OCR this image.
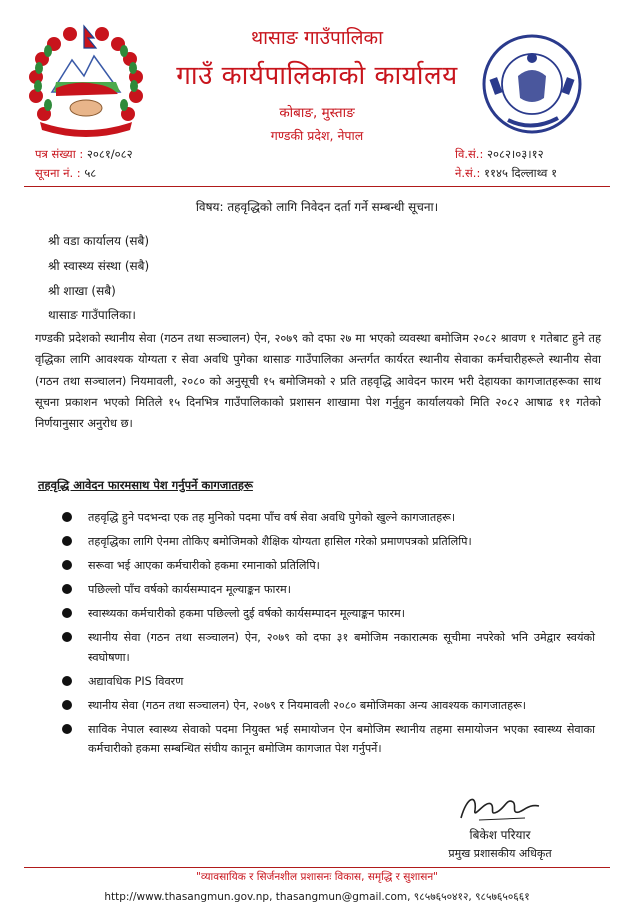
थासाङ गाउँपालिका
गाउँ कार्यपालिकाको कार्यालय
कोबाङ, मुस्ताङ
गण्डकी प्रदेश, नेपाल
पत्र संख्या : २०८१/०८२
सूचना नं. : ५८
वि.सं.: २०८२।०३।१२
ने.सं.: ११४५ दिल्लाथ्व १
विषय: तहवृद्धिको लागि निवेदन दर्ता गर्ने सम्बन्धी सूचना।
श्री वडा कार्यालय (सबै)
श्री स्वास्थ्य संस्था (सबै)
श्री शाखा (सबै)
थासाङ गाउँपालिका।
गण्डकी प्रदेशको स्थानीय सेवा (गठन तथा सञ्चालन) ऐन, २०७९ को दफा २७ मा भएको व्यवस्था बमोजिम २०८२ श्रावण १ गतेबाट हुने तह वृद्धिका लागि आवश्यक योग्यता र सेवा अवधि पुगेका थासाङ गाउँपालिका अन्तर्गत कार्यरत स्थानीय सेवाका कर्मचारीहरूले स्थानीय सेवा (गठन तथा सञ्चालन) नियमावली, २०८० को अनुसूची १५ बमोजिमको २ प्रति तहवृद्धि आवेदन फारम भरी देहायका कागजातहरूका साथ सूचना प्रकाशन भएको मितिले १५ दिनभित्र गाउँपालिकाको प्रशासन शाखामा पेश गर्नुहुन कार्यालयको मिति २०८२ आषाढ ११ गतेको निर्णयानुसार अनुरोध छ।
तहवृद्धि आवेदन फारमसाथ पेश गर्नुपर्ने कागजातहरू
तहवृद्धि हुने पदभन्दा एक तह मुनिको पदमा पाँच वर्ष सेवा अवधि पुगेको खुल्ने कागजातहरू।
तहवृद्धिका लागि ऐनमा तोकिए बमोजिमको शैक्षिक योग्यता हासिल गरेको प्रमाणपत्रको प्रतिलिपि।
सरूवा भई आएका कर्मचारीको हकमा रमानाको प्रतिलिपि।
पछिल्लो पाँच वर्षको कार्यसम्पादन मूल्याङ्कन फारम।
स्वास्थ्यका कर्मचारीको हकमा पछिल्लो दुई वर्षको कार्यसम्पादन मूल्याङ्कन फारम।
स्थानीय सेवा (गठन तथा सञ्चालन) ऐन, २०७९ को दफा ३१ बमोजिम नकारात्मक सूचीमा नपरेको भनि उमेद्वार स्वयंको स्वघोषणा।
अद्यावधिक PIS विवरण
स्थानीय सेवा (गठन तथा सञ्चालन) ऐन, २०७९ र नियमावली २०८० बमोजिमका अन्य आवश्यक कागजातहरू।
साविक नेपाल स्वास्थ्य सेवाको पदमा नियुक्त भई समायोजन ऐन बमोजिम स्थानीय तहमा समायोजन भएका स्वास्थ्य सेवाका कर्मचारीको हकमा सम्बन्धित संघीय कानून बमोजिम कागजात पेश गर्नुपर्ने।
बिकेश परियार
प्रमुख प्रशासकीय अधिकृत
"व्यावसायिक र सिर्जनशील प्रशासनः विकास, समृद्धि र सुशासन"
http://www.thasangmun.gov.np, thasangmun@gmail.com, ९८५७६५०४१२, ९८५७६५०६६१
